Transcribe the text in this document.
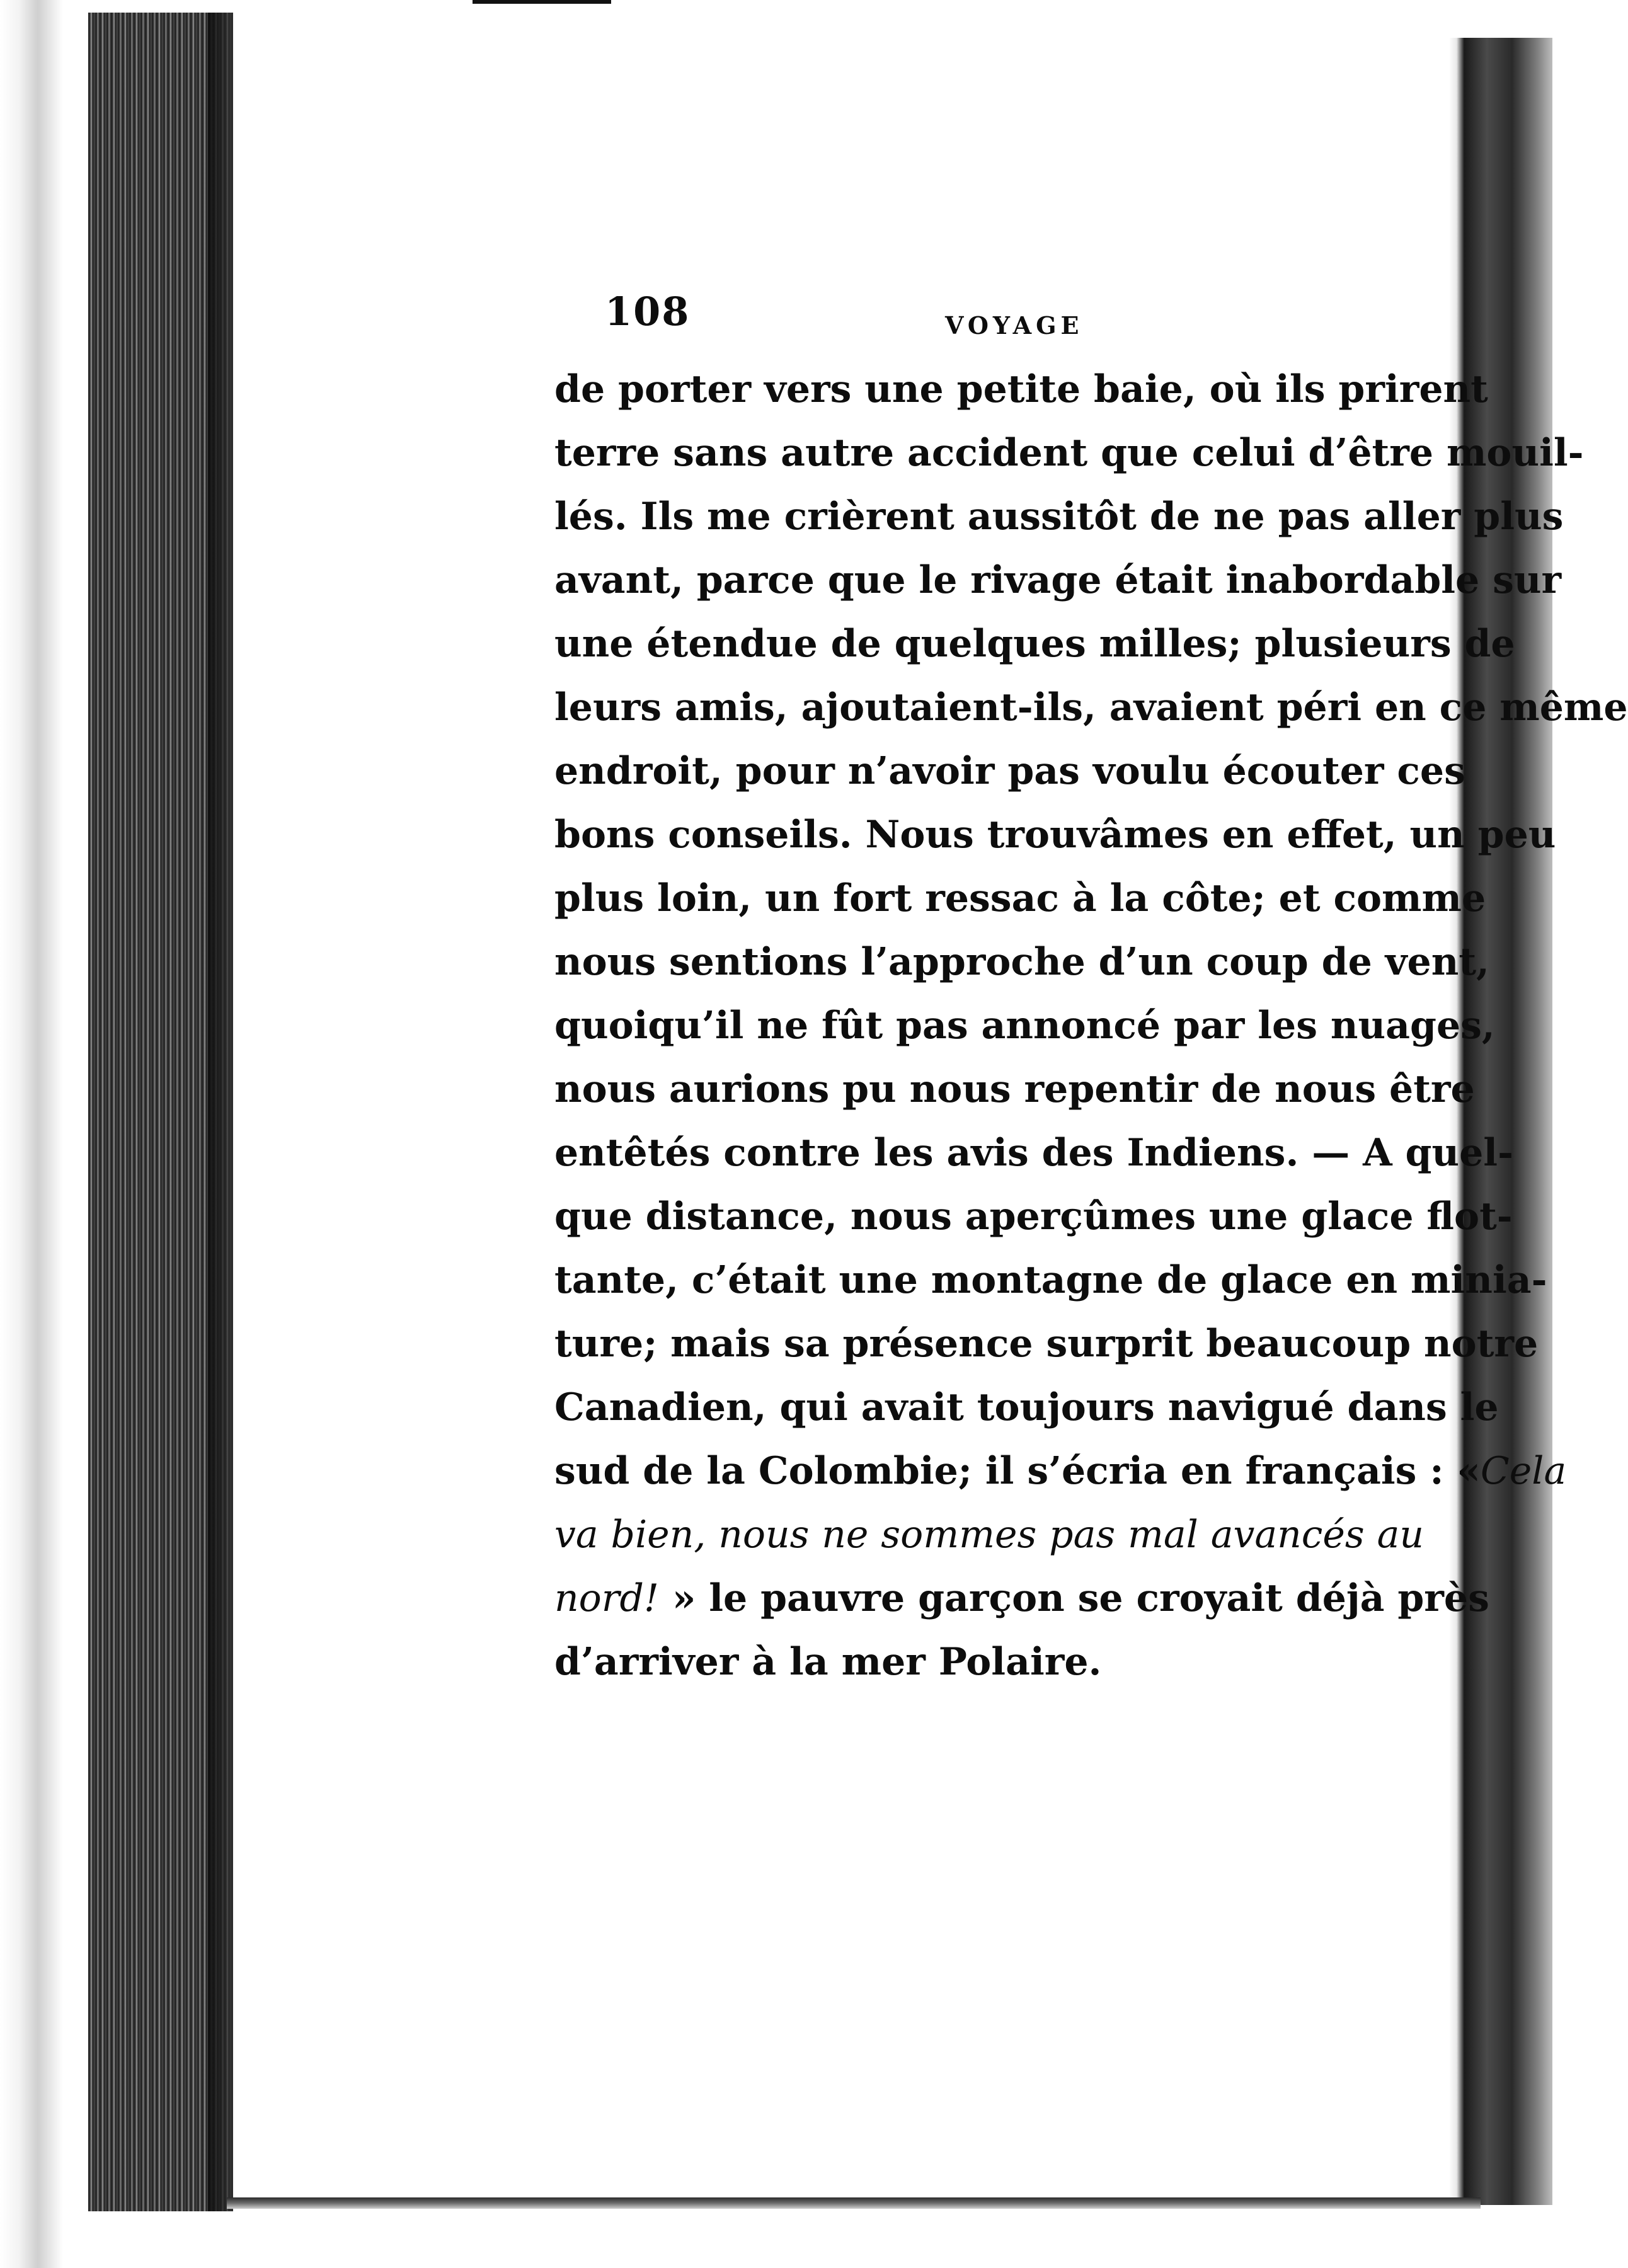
108	VOYAGE
de porter vers une petite baie, où ils prirent
terre sans autre accident que celui d’être mouil-
lés. Ils me crièrent aussitôt de ne pas aller plus
avant, parce que le rivage était inabordable sur
une étendue de quelques milles; plusieurs de
leurs amis, ajoutaient-ils, avaient péri en ce même
endroit, pour n’avoir pas voulu écouter ces
bons conseils. Nous trouvâmes en effet, un peu
plus loin, un fort ressac à la côte; et comme
nous sentions l’approche d’un coup de vent,
quoiqu’il ne fût pas annoncé par les nuages,
nous aurions pu nous repentir de nous être
entêtés contre les avis des Indiens. — A quel-
que distance, nous aperçûmes une glace flot-
tante, c’était une montagne de glace en minia-
ture; mais sa présence surprit beaucoup notre
Canadien, qui avait toujours navigué dans le
sud de la Colombie; il s’écria en français : «Cela
va bien, nous ne sommes pas mal avancés au
nord! » le pauvre garçon se croyait déjà près
d’arriver à la mer Polaire.
